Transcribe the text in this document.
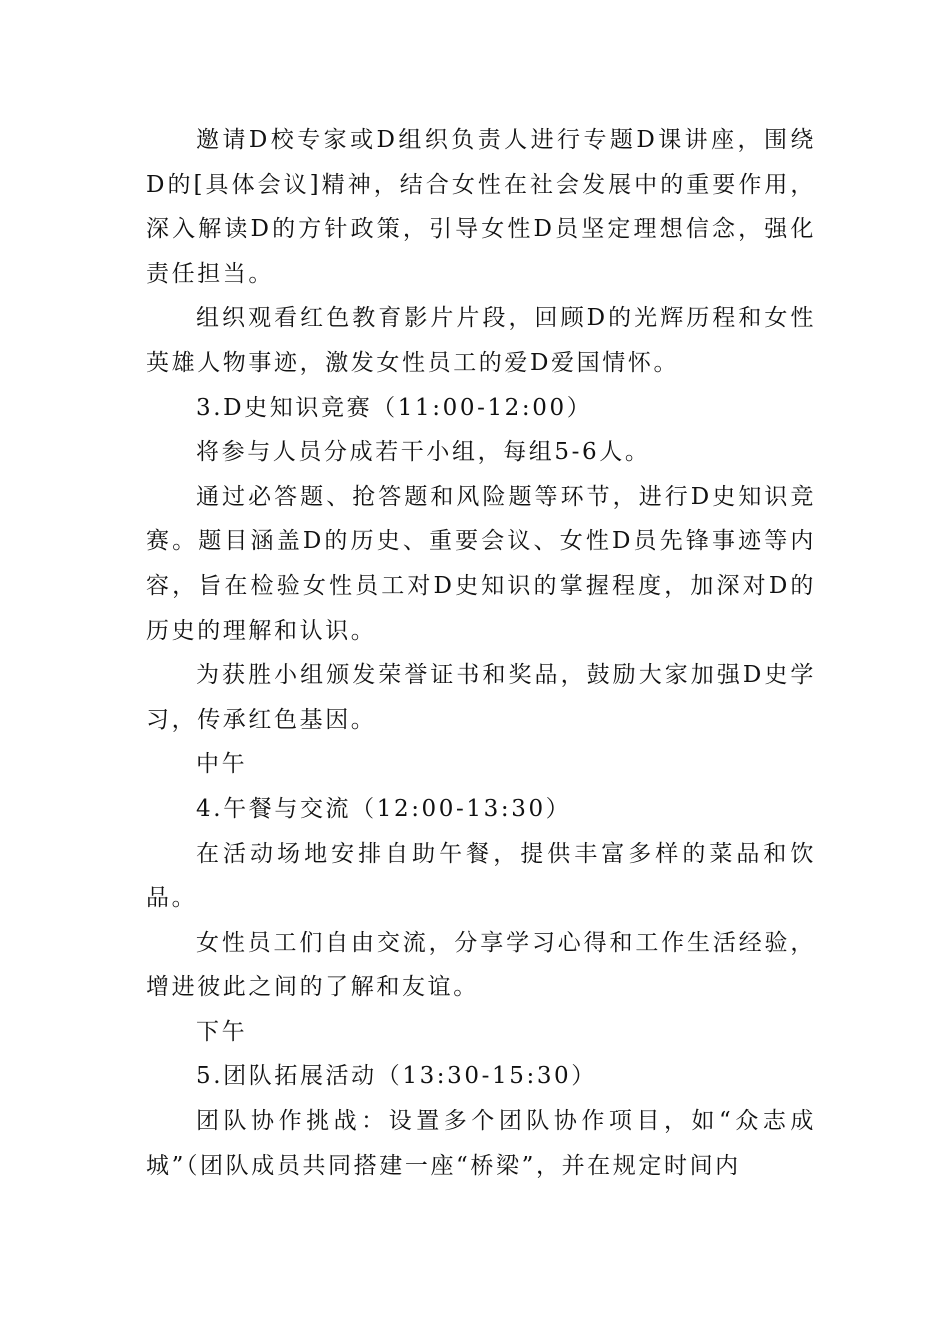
邀请D校专家或D组织负责人进行专题D课讲座，围绕D的[具体会议]精神，结合女性在社会发展中的重要作用，深入解读D的方针政策，引导女性D员坚定理想信念，强化责任担当。

组织观看红色教育影片片段，回顾D的光辉历程和女性英雄人物事迹，激发女性员工的爱D爱国情怀。

3.D史知识竞赛（11:00-12:00）

将参与人员分成若干小组，每组5-6人。

通过必答题、抢答题和风险题等环节，进行D史知识竞赛。题目涵盖D的历史、重要会议、女性D员先锋事迹等内容，旨在检验女性员工对D史知识的掌握程度，加深对D的历史的理解和认识。

为获胜小组颁发荣誉证书和奖品，鼓励大家加强D史学习，传承红色基因。

中午

4.午餐与交流（12:00-13:30）

在活动场地安排自助午餐，提供丰富多样的菜品和饮品。

女性员工们自由交流，分享学习心得和工作生活经验，增进彼此之间的了解和友谊。

下午

5.团队拓展活动（13:30-15:30）

团队协作挑战：设置多个团队协作项目，如“众志成城”（团队成员共同搭建一座“桥梁”，并在规定时间内
